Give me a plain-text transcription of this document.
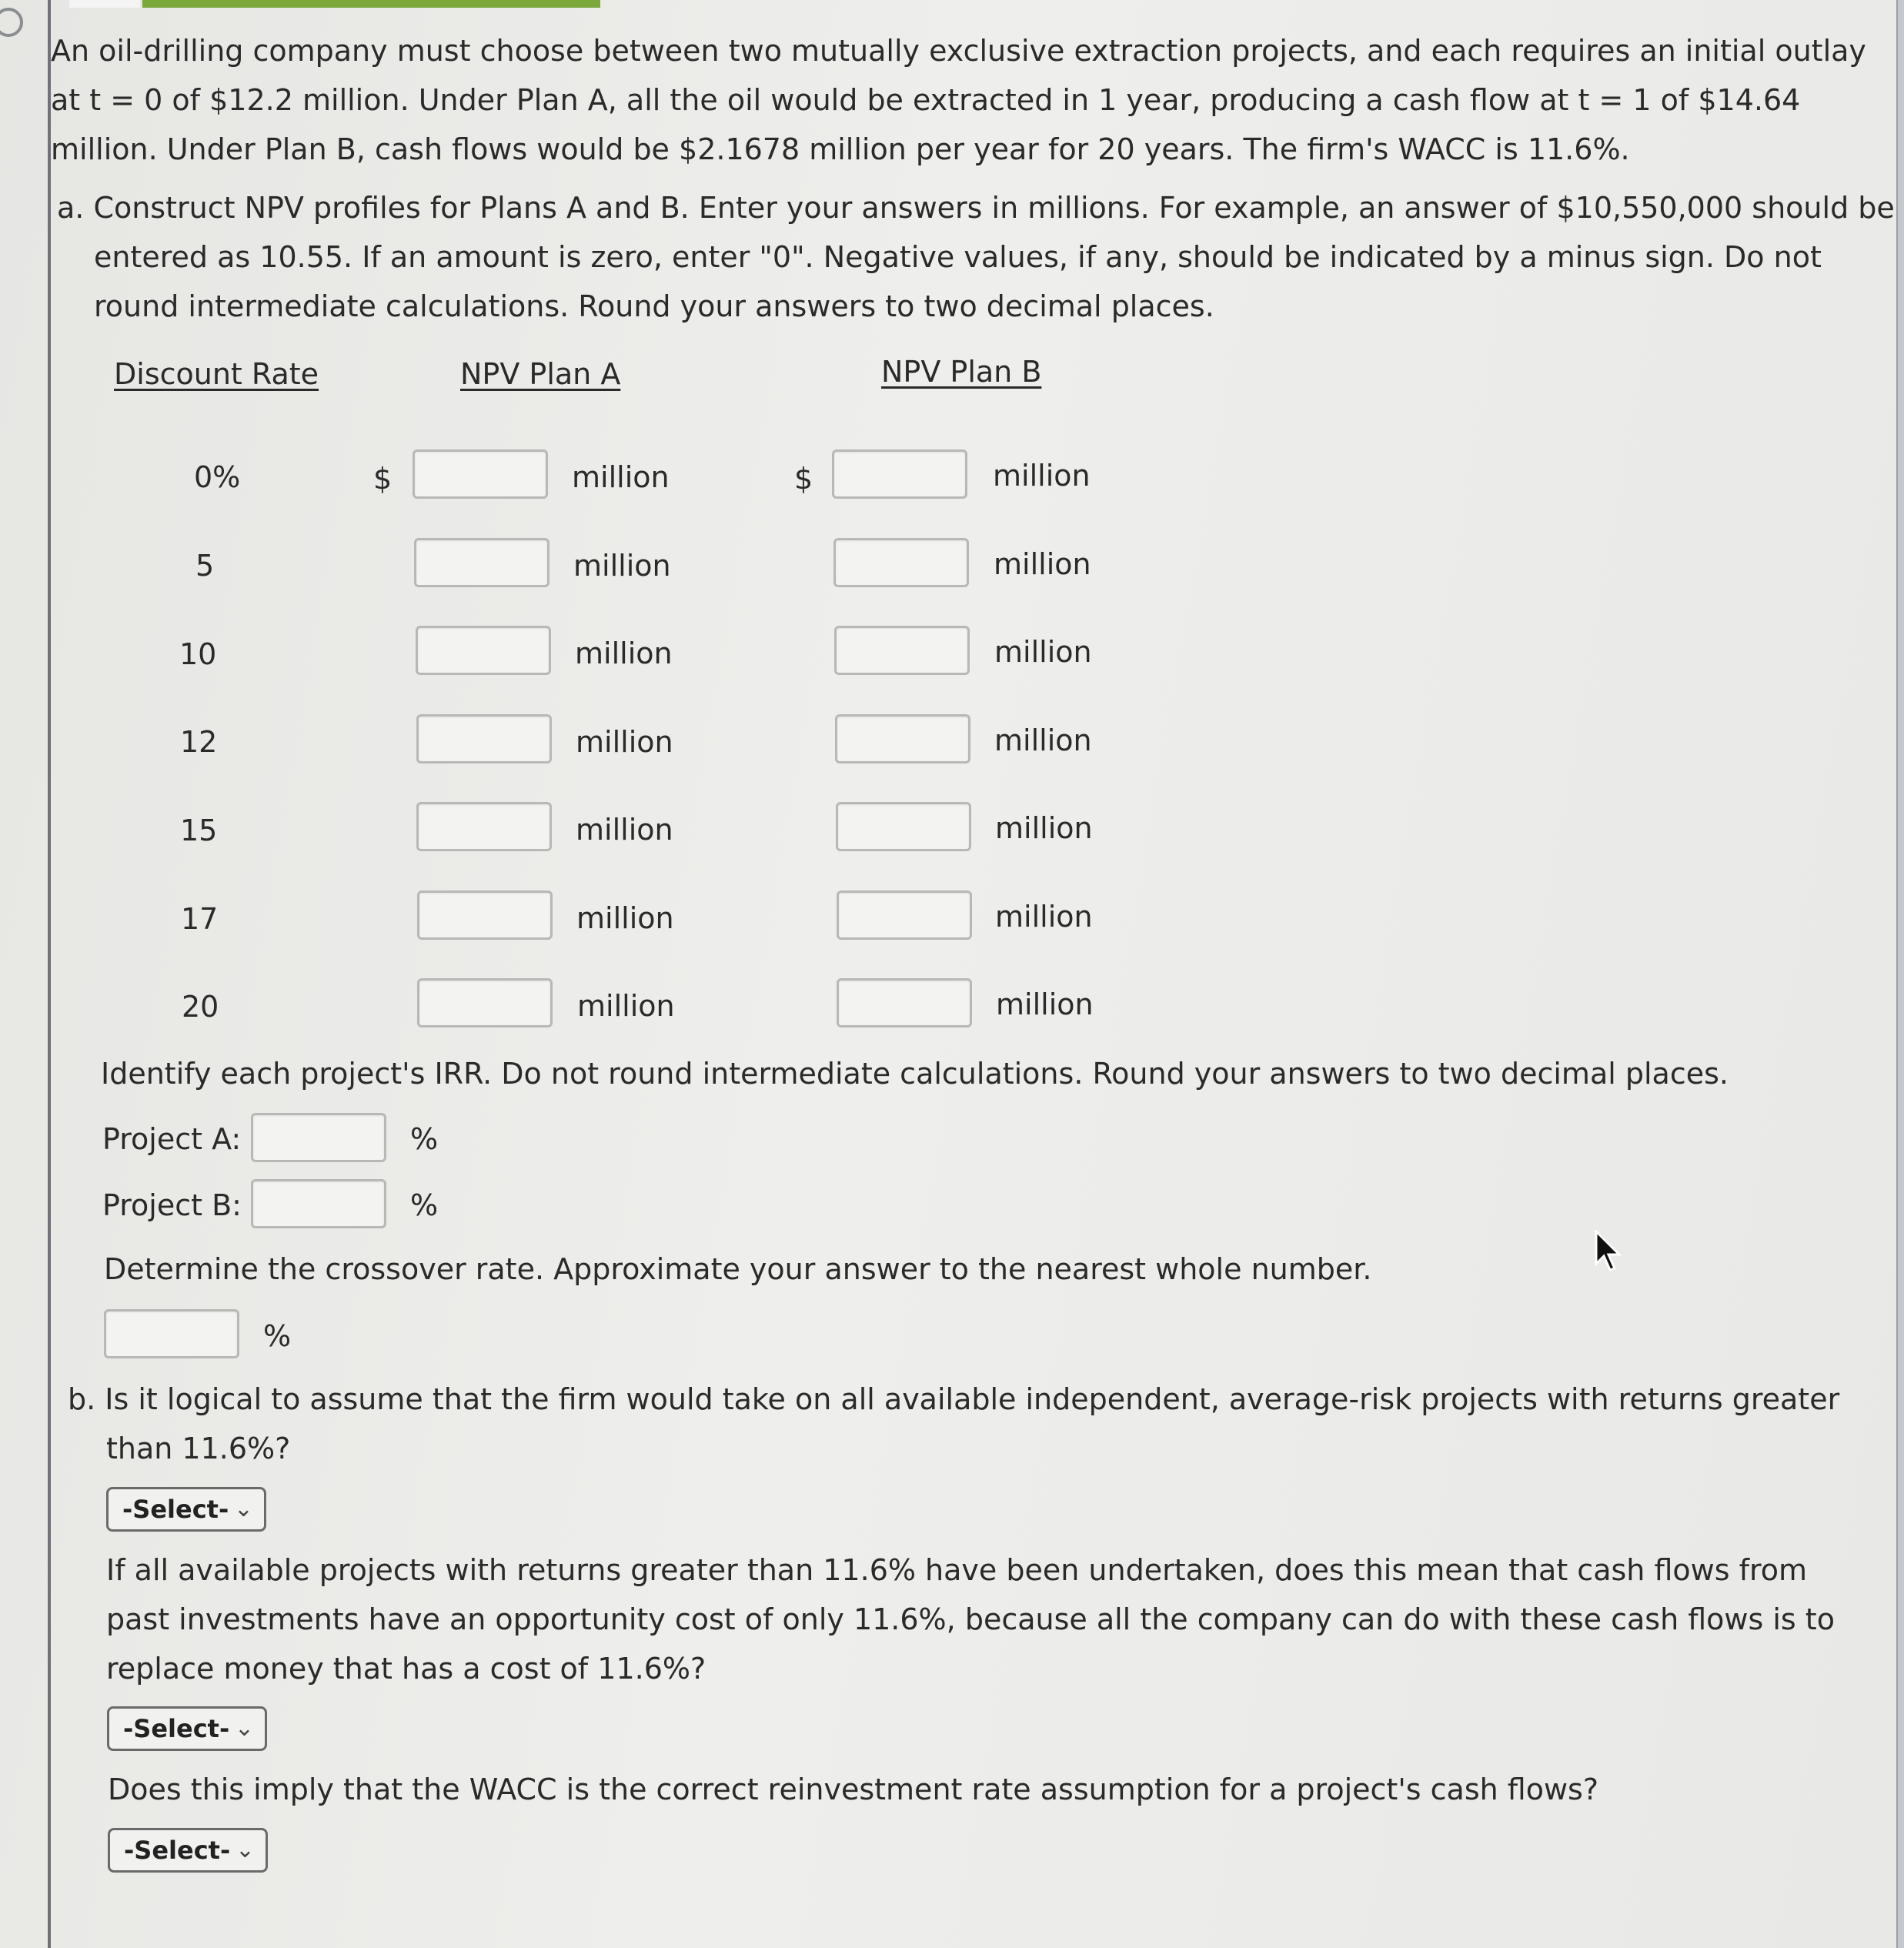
An oil-drilling company must choose between two mutually exclusive extraction projects, and each requires an initial outlay at t = 0 of $12.2 million. Under Plan A, all the oil would be extracted in 1 year, producing a cash flow at t = 1 of $14.64 million. Under Plan B, cash flows would be $2.1678 million per year for 20 years. The firm's WACC is 11.6%.
a. Construct NPV profiles for Plans A and B. Enter your answers in millions. For example, an answer of $10,550,000 should be entered as 10.55. If an amount is zero, enter "0". Negative values, if any, should be indicated by a minus sign. Do not round intermediate calculations. Round your answers to two decimal places.
Discount Rate	NPV Plan A	NPV Plan B
0%	$	million	$	million
5	million	million
10	million	million
12	million	million
15	million	million
17	million	million
20	million	million
Identify each project's IRR. Do not round intermediate calculations. Round your answers to two decimal places.
Project A:	%
Project B:	%
Determine the crossover rate. Approximate your answer to the nearest whole number.
%
b. Is it logical to assume that the firm would take on all available independent, average-risk projects with returns greater than 11.6%?
-Select- ⌄
If all available projects with returns greater than 11.6% have been undertaken, does this mean that cash flows from past investments have an opportunity cost of only 11.6%, because all the company can do with these cash flows is to replace money that has a cost of 11.6%?
-Select- ⌄
Does this imply that the WACC is the correct reinvestment rate assumption for a project's cash flows?
-Select- ⌄
